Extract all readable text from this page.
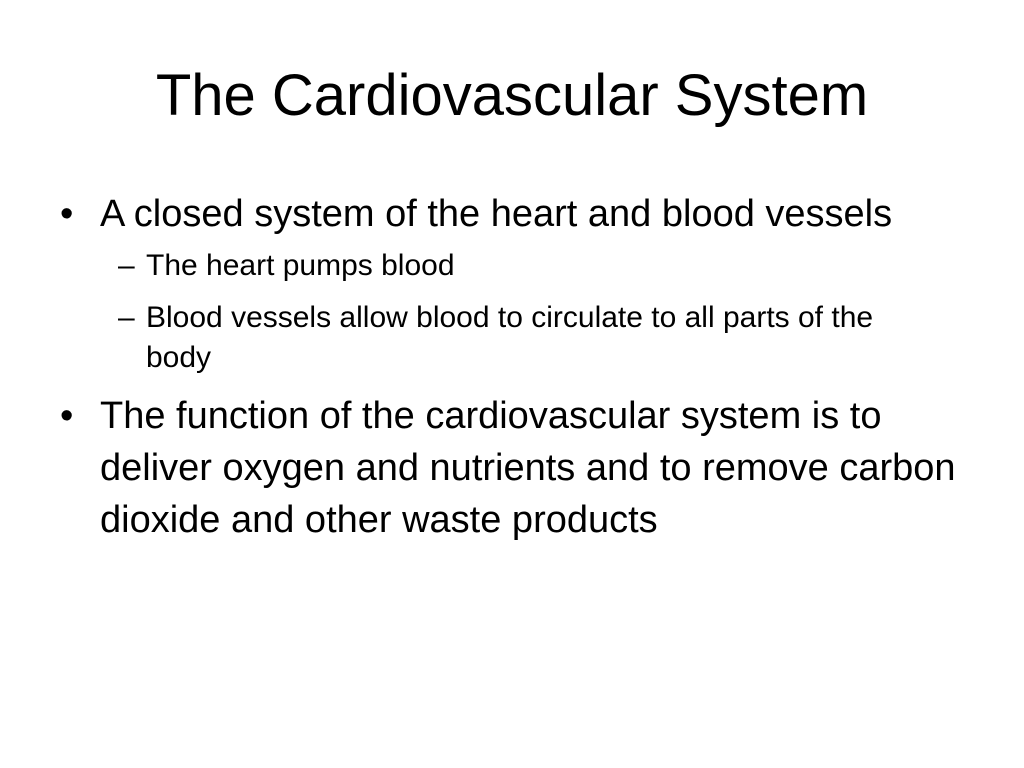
The Cardiovascular System
• A closed system of the heart and blood vessels
– The heart pumps blood
– Blood vessels allow blood to circulate to all parts of the body
• The function of the cardiovascular system is to deliver oxygen and nutrients and to remove carbon dioxide and other waste products
